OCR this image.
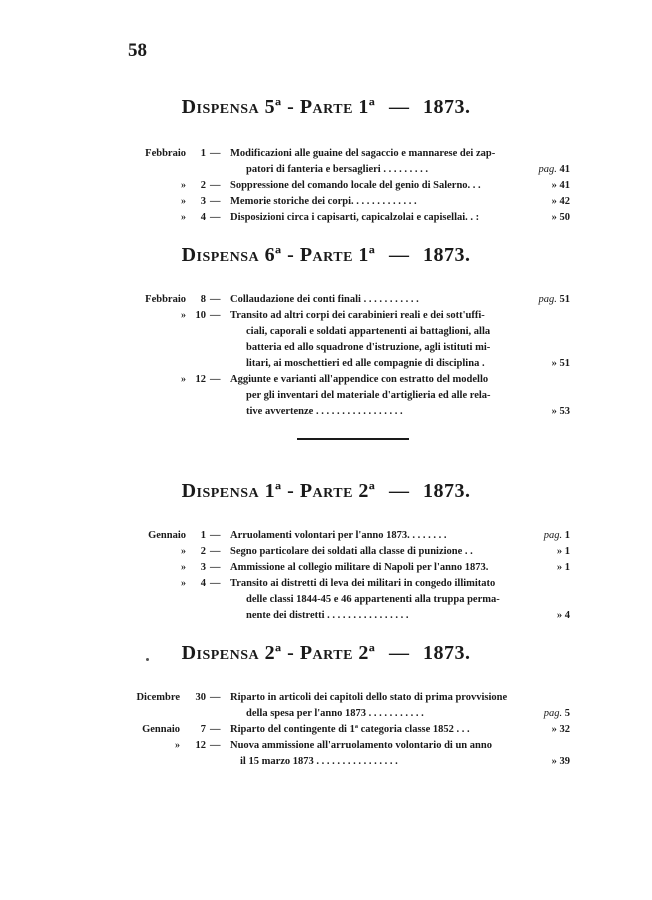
58
Dispensa 5ª - Parte 1ª — 1873.
Febbraio	1 — Modificazioni alle guaine del sagaccio e mannarese dei zap-
patori di fanteria e bersaglieri . . . . . . . . .	pag. 41
»	2 — Soppressione del comando locale del genio di Salerno. . .	» 41
»	3 — Memorie storiche dei corpi. . . . . . . . . . . . .	» 42
»	4 — Disposizioni circa i capisarti, capicalzolai e capisellai. . :	» 50
Dispensa 6ª - Parte 1ª — 1873.
Febbraio	8 — Collaudazione dei conti finali . . . . . . . . . . .	pag. 51
» 10 — Transito ad altri corpi dei carabinieri reali e dei sott'uffi-
ciali, caporali e soldati appartenenti ai battaglioni, alla
batteria ed allo squadrone d'istruzione, agli istituti mi-
litari, ai moschettieri ed alle compagnie di disciplina .	» 51
» 12 — Aggiunte e varianti all'appendice con estratto del modello
per gli inventari del materiale d'artiglieria ed alle rela-
tive avvertenze . . . . . . . . . . . . . . . . .	» 53
Dispensa 1ª - Parte 2ª — 1873.
Gennaio	1 — Arruolamenti volontari per l'anno 1873. . . . . . . .	pag. 1
»	2 — Segno particolare dei soldati alla classe di punizione . .	» 1
»	3 — Ammissione al collegio militare di Napoli per l'anno 1873.	» 1
»	4 — Transito ai distretti di leva dei militari in congedo illimitato
delle classi 1844-45 e 46 appartenenti alla truppa perma-
nente dei distretti . . . . . . . . . . . . . . . .	» 4
Dispensa 2ª - Parte 2ª — 1873.
Dicembre	30 — Riparto in articoli dei capitoli dello stato di prima provvisione
della spesa per l'anno 1873 . . . . . . . . . . .	pag. 5
Gennaio	7 — Riparto del contingente di 1ª categoria classe 1852 . . .	» 32
»	12 — Nuova ammissione all'arruolamento volontario di un anno
il 15 marzo 1873 . . . . . . . . . . . . . . . .	» 39
